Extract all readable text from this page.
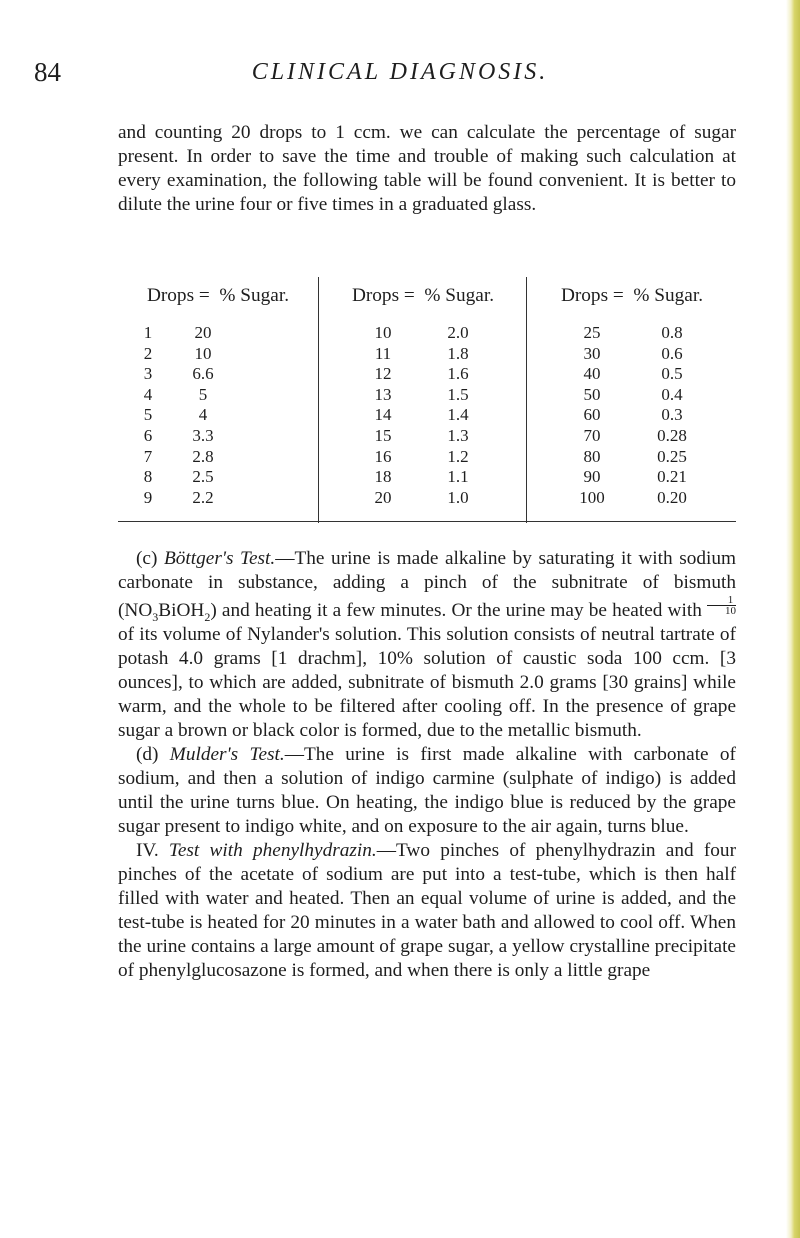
84	CLINICAL DIAGNOSIS.
and counting 20 drops to 1 ccm. we can calculate the percentage of sugar present. In order to save the time and trouble of making such calculation at every examination, the following table will be found convenient. It is better to dilute the urine four or five times in a graduated glass.
Drops = % Sugar.
1	20
2	10
3	6.6
4	5
5	4
6	3.3
7	2.8
8	2.5
9	2.2
Drops = % Sugar.
10	2.0
11	1.8
12	1.6
13	1.5
14	1.4
15	1.3
16	1.2
18	1.1
20	1.0
Drops = % Sugar.
25	0.8
30	0.6
40	0.5
50	0.4
60	0.3
70	0.28
80	0.25
90	0.21
100	0.20

(c) Böttger's Test.—The urine is made alkaline by saturating it with sodium carbonate in substance, adding a pinch of the subnitrate of bismuth $(NO_3BiOH_2)$ and heating it a few minutes. Or the urine may be heated with $\frac{1}{10}$
of its volume of Nylander's solution. This solution consists of neutral tartrate of potash 4.0 grams [1 drachm], 10% solution of caustic soda 100 ccm. [3 ounces], to which are added, subnitrate of bismuth 2.0 grams [30 grains] while warm, and the whole to be filtered after cooling off. In the presence of grape sugar a brown or black color is formed, due to the metallic bismuth.

(d) Mulder's Test.—The urine is first made alkaline with carbonate of sodium, and then a solution of indigo carmine (sulphate of indigo) is added until the urine turns blue. On heating, the indigo blue is reduced by the grape sugar present to indigo white, and on exposure to the air again, turns blue.

IV. Test with phenylhydrazin.—Two pinches of phenylhydrazin and four pinches of the acetate of sodium are put into a test-tube, which is then half filled with water and heated. Then an equal volume of urine is added, and the test-tube is heated for 20 minutes in a water bath and allowed to cool off. When the urine contains a large amount of grape sugar, a yellow crystalline precipitate of phenylglucosazone is formed, and when there is only a little grape
